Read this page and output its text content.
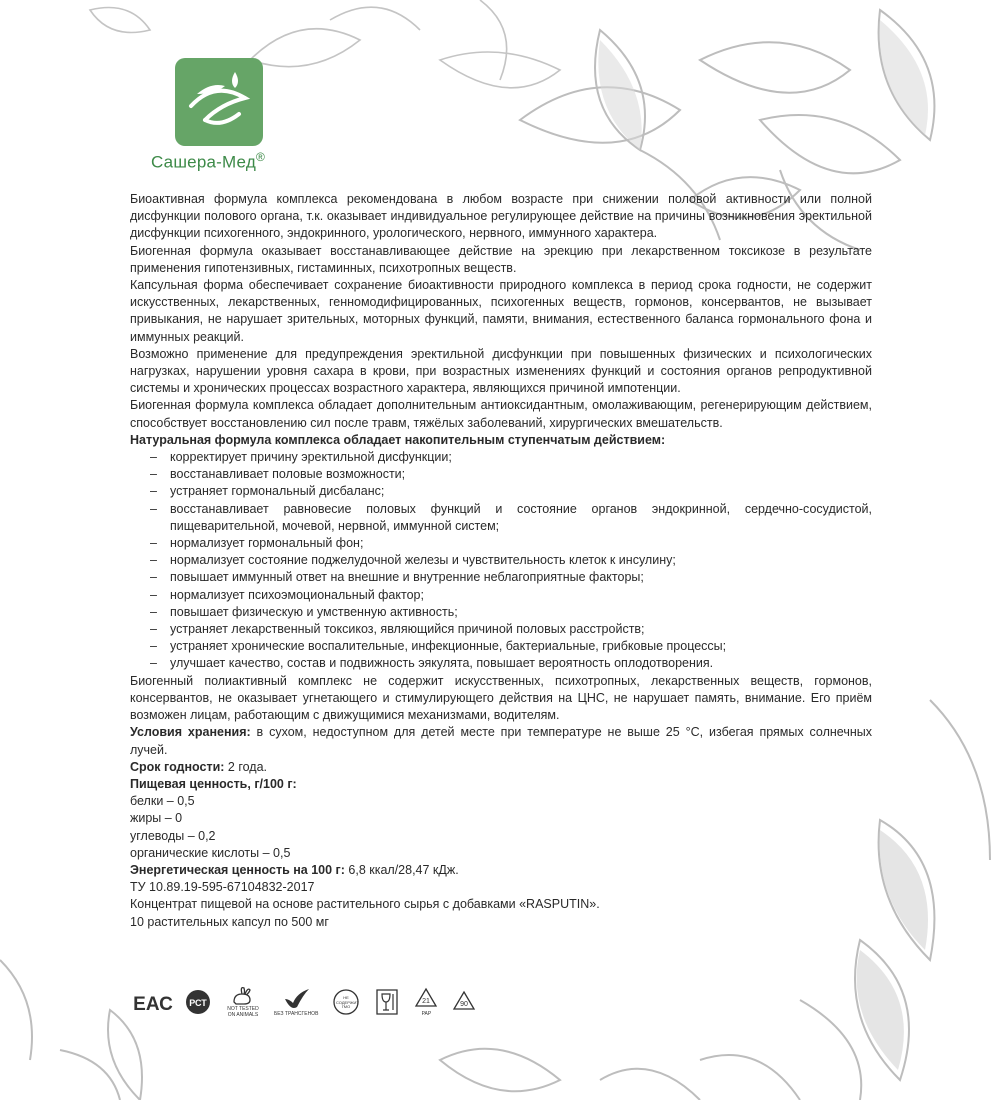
Сашера-Мед®

Биоактивная формула комплекса рекомендована в любом возрасте при снижении половой активности или полной дисфункции полового органа, т.к. оказывает индивидуальное регулирующее действие на причины возникновения эректильной дисфункции психогенного, эндокринного, урологического, нервного, иммунного характера.

Биогенная формула оказывает восстанавливающее действие на эрекцию при лекарственном токсикозе в результате применения гипотензивных, гистаминных, психотропных веществ.

Капсульная форма обеспечивает сохранение биоактивности природного комплекса в период срока годности, не содержит искусственных, лекарственных, генномодифицированных, психогенных веществ, гормонов, консервантов, не вызывает привыкания, не нарушает зрительных, моторных функций, памяти, внимания, естественного баланса гормонального фона и иммунных реакций.

Возможно применение для предупреждения эректильной дисфункции при повышенных физических и психологических нагрузках, нарушении уровня сахара в крови, при возрастных изменениях функций и состояния органов репродуктивной системы и хронических процессах возрастного характера, являющихся причиной импотенции.

Биогенная формула комплекса обладает дополнительным антиоксидантным, омолаживающим, регенерирующим действием, способствует восстановлению сил после травм, тяжёлых заболеваний, хирургических вмешательств.

Натуральная формула комплекса обладает накопительным ступенчатым действием:

– корректирует причину эректильной дисфункции;
– восстанавливает половые возможности;
– устраняет гормональный дисбаланс;
– восстанавливает равновесие половых функций и состояние органов эндокринной, сердечно-сосудистой, пищеварительной, мочевой, нервной, иммунной систем;
– нормализует гормональный фон;
– нормализует состояние поджелудочной железы и чувствительность клеток к инсулину;
– повышает иммунный ответ на внешние и внутренние неблагоприятные факторы;
– нормализует психоэмоциональный фактор;
– повышает физическую и умственную активность;
– устраняет лекарственный токсикоз, являющийся причиной половых расстройств;
– устраняет хронические воспалительные, инфекционные, бактериальные, грибковые процессы;
– улучшает качество, состав и подвижность эякулята, повышает вероятность оплодотворения.

Биогенный полиактивный комплекс не содержит искусственных, психотропных, лекарственных веществ, гормонов, консервантов, не оказывает угнетающего и стимулирующего действия на ЦНС, не нарушает память, внимание. Его приём возможен лицам, работающим с движущимися механизмами, водителям.

Условия хранения: в сухом, недоступном для детей месте при температуре не выше 25 °С, избегая прямых солнечных лучей.

Срок годности: 2 года.

Пищевая ценность, г/100 г:

белки – 0,5

жиры – 0

углеводы – 0,2

органические кислоты – 0,5

Энергетическая ценность на 100 г: 6,8 ккал/28,47 кДж.

ТУ 10.89.19-595-67104832-2017

Концентрат пищевой на основе растительного сырья с добавками «RASPUTIN».

10 растительных капсул по 500 мг

ЕАС РСТ
NOT TESTED ON ANIMALS	БЕЗ ТРАНСГЕНОВ
НЕ СОДЕРЖИТ ГМО
21
PAP
90
